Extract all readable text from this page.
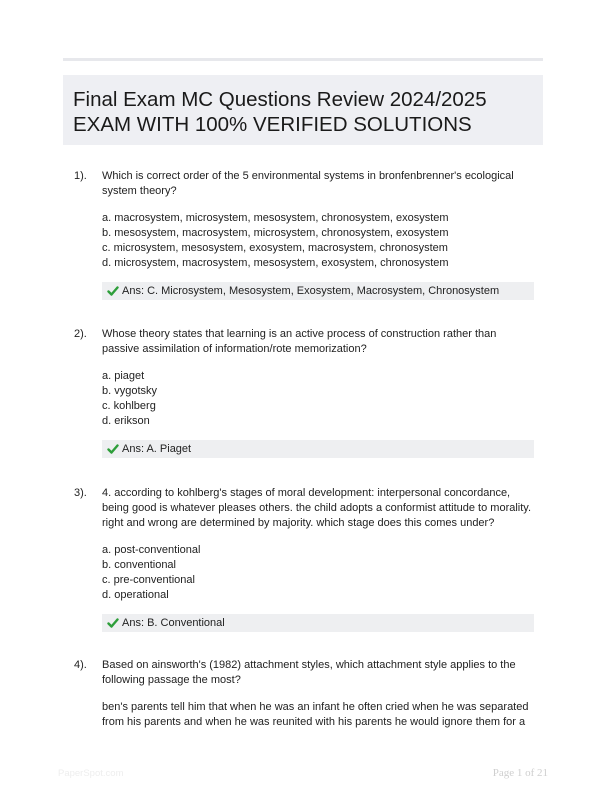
Final Exam MC Questions Review 2024/2025
EXAM WITH 100% VERIFIED SOLUTIONS
1). Which is correct order of the 5 environmental systems in bronfenbrenner's ecological system theory?

a. macrosystem, microsystem, mesosystem, chronosystem, exosystem
b. mesosystem, macrosystem, microsystem, chronosystem, exosystem
c. microsystem, mesosystem, exosystem, macrosystem, chronosystem
d. microsystem, macrosystem, mesosystem, exosystem, chronosystem
Ans: C. Microsystem, Mesosystem, Exosystem, Macrosystem, Chronosystem
2). Whose theory states that learning is an active process of construction rather than passive assimilation of information/rote memorization?

a. piaget
b. vygotsky
c. kohlberg
d. erikson
Ans: A. Piaget
3). 4. according to kohlberg's stages of moral development: interpersonal concordance, being good is whatever pleases others. the child adopts a conformist attitude to morality. right and wrong are determined by majority. which stage does this comes under?

a. post-conventional
b. conventional
c. pre-conventional
d. operational
Ans: B. Conventional
4). Based on ainsworth's (1982) attachment styles, which attachment style applies to the following passage the most?

ben's parents tell him that when he was an infant he often cried when he was separated from his parents and when he was reunited with his parents he would ignore them for a

PaperSpot.com	Page 1 of 21
